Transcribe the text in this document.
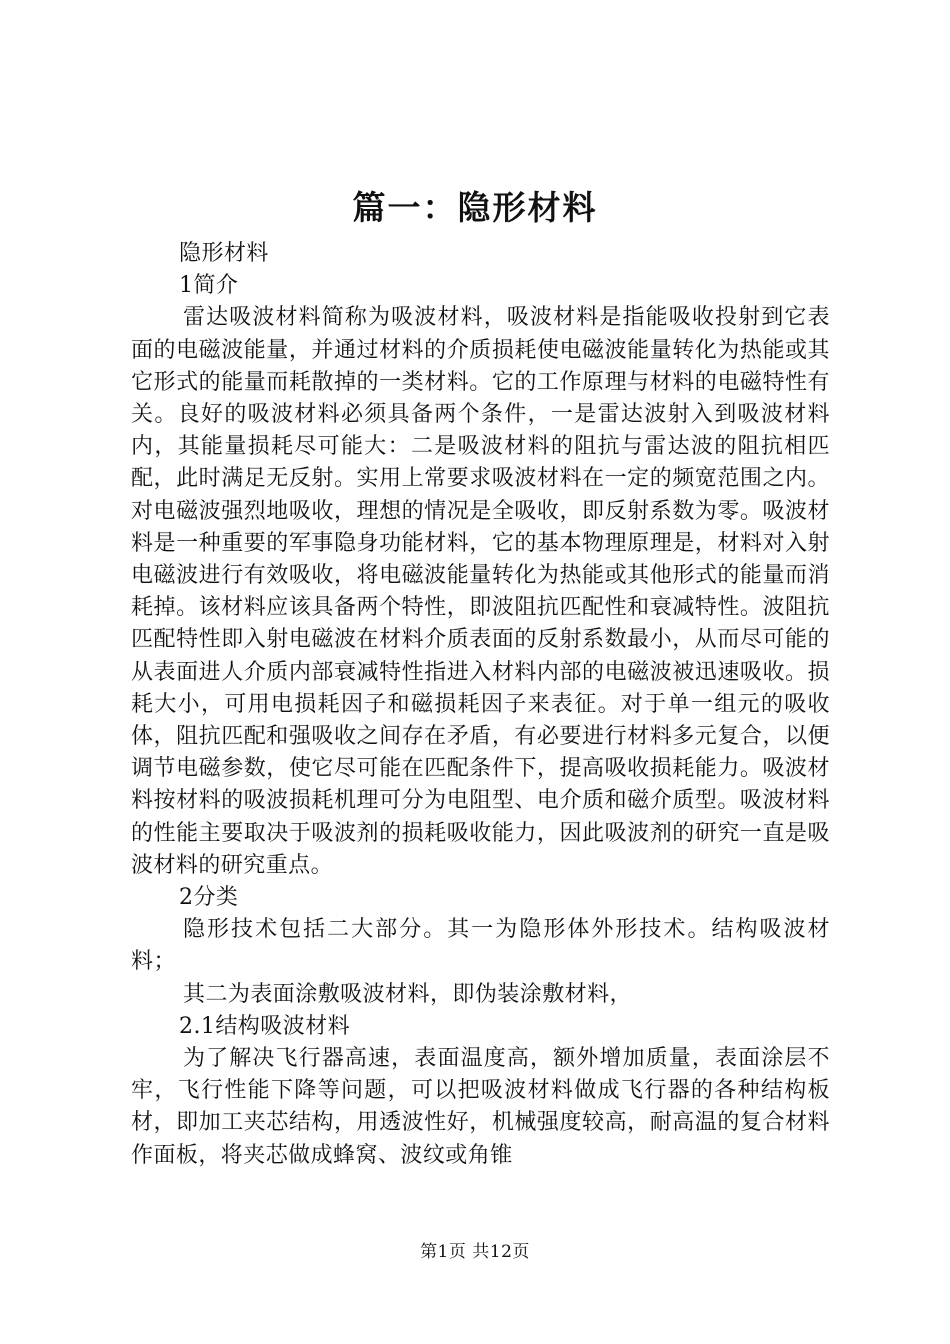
篇一：隐形材料

隐形材料

1简介

雷达吸波材料简称为吸波材料，吸波材料是指能吸收投射到它表面的电磁波能量，并通过材料的介质损耗使电磁波能量转化为热能或其它形式的能量而耗散掉的一类材料。它的工作原理与材料的电磁特性有关。良好的吸波材料必须具备两个条件，一是雷达波射入到吸波材料内，其能量损耗尽可能大：二是吸波材料的阻抗与雷达波的阻抗相匹配，此时满足无反射。实用上常要求吸波材料在一定的频宽范围之内。对电磁波强烈地吸收，理想的情况是全吸收，即反射系数为零。吸波材料是一种重要的军事隐身功能材料，它的基本物理原理是，材料对入射电磁波进行有效吸收，将电磁波能量转化为热能或其他形式的能量而消耗掉。该材料应该具备两个特性，即波阻抗匹配性和衰减特性。波阻抗匹配特性即入射电磁波在材料介质表面的反射系数最小，从而尽可能的从表面进人介质内部衰减特性指进入材料内部的电磁波被迅速吸收。损耗大小，可用电损耗因子和磁损耗因子来表征。对于单一组元的吸收体，阻抗匹配和强吸收之间存在矛盾，有必要进行材料多元复合，以便调节电磁参数，使它尽可能在匹配条件下，提高吸收损耗能力。吸波材料按材料的吸波损耗机理可分为电阻型、电介质和磁介质型。吸波材料的性能主要取决于吸波剂的损耗吸收能力，因此吸波剂的研究一直是吸波材料的研究重点。

2分类

隐形技术包括二大部分。其一为隐形体外形技术。结构吸波材料；

其二为表面涂敷吸波材料，即伪装涂敷材料，

2.1结构吸波材料

为了解决飞行器高速，表面温度高，额外增加质量，表面涂层不牢，飞行性能下降等问题，可以把吸波材料做成飞行器的各种结构板材，即加工夹芯结构，用透波性好，机械强度较高，耐高温的复合材料作面板，将夹芯做成蜂窝、波纹或角锥

第1页 共12页
